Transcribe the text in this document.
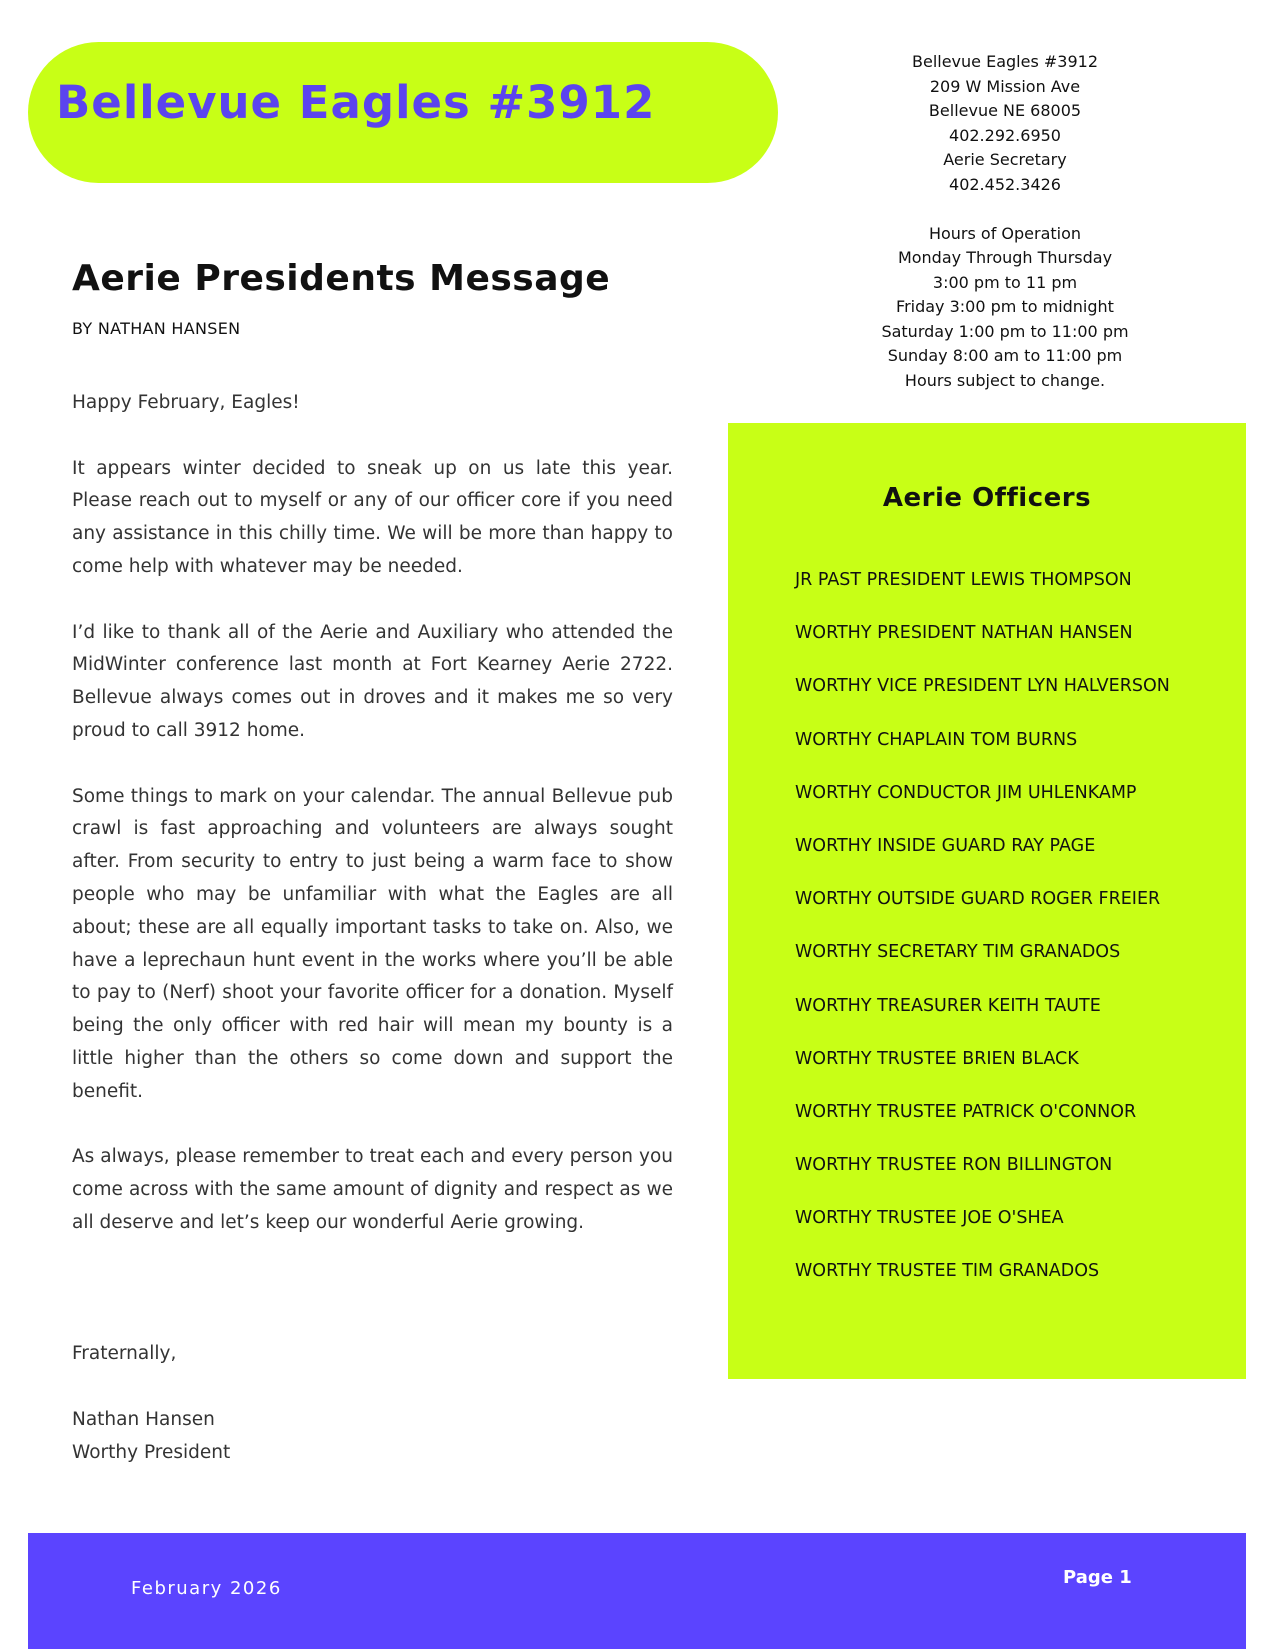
Bellevue Eagles #3912
Bellevue Eagles #3912
209 W Mission Ave
Bellevue NE 68005
402.292.6950
Aerie Secretary
402.452.3426
Hours of Operation
Monday Through Thursday
3:00 pm to 11 pm
Friday 3:00 pm to midnight
Saturday 1:00 pm to 11:00 pm
Sunday 8:00 am to 11:00 pm
Hours subject to change.
Aerie Presidents Message
BY NATHAN HANSEN

Happy February, Eagles!

It appears winter decided to sneak up on us late this year. Please reach out to myself or any of our officer core if you need any assistance in this chilly time. We will be more than happy to come help with whatever may be needed.

I’d like to thank all of the Aerie and Auxiliary who attended the MidWinter conference last month at Fort Kearney Aerie 2722. Bellevue always comes out in droves and it makes me so very proud to call 3912 home.

Some things to mark on your calendar. The annual Bellevue pub crawl is fast approaching and volunteers are always sought after. From security to entry to just being a warm face to show people who may be unfamiliar with what the Eagles are all about; these are all equally important tasks to take on. Also, we have a leprechaun hunt event in the works where you’ll be able to pay to (Nerf) shoot your favorite officer for a donation. Myself being the only officer with red hair will mean my bounty is a little higher than the others so come down and support the benefit.

As always, please remember to treat each and every person you come across with the same amount of dignity and respect as we all deserve and let’s keep our wonderful Aerie growing.

Fraternally,
Nathan Hansen
Worthy President
Aerie Officers
JR PAST PRESIDENT LEWIS THOMPSON
WORTHY PRESIDENT NATHAN HANSEN
WORTHY VICE PRESIDENT LYN HALVERSON
WORTHY CHAPLAIN TOM BURNS
WORTHY CONDUCTOR JIM UHLENKAMP
WORTHY INSIDE GUARD RAY PAGE
WORTHY OUTSIDE GUARD ROGER FREIER
WORTHY SECRETARY TIM GRANADOS
WORTHY TREASURER KEITH TAUTE
WORTHY TRUSTEE BRIEN BLACK
WORTHY TRUSTEE PATRICK O'CONNOR
WORTHY TRUSTEE RON BILLINGTON
WORTHY TRUSTEE JOE O'SHEA
WORTHY TRUSTEE TIM GRANADOS
February 2026
Page 1
